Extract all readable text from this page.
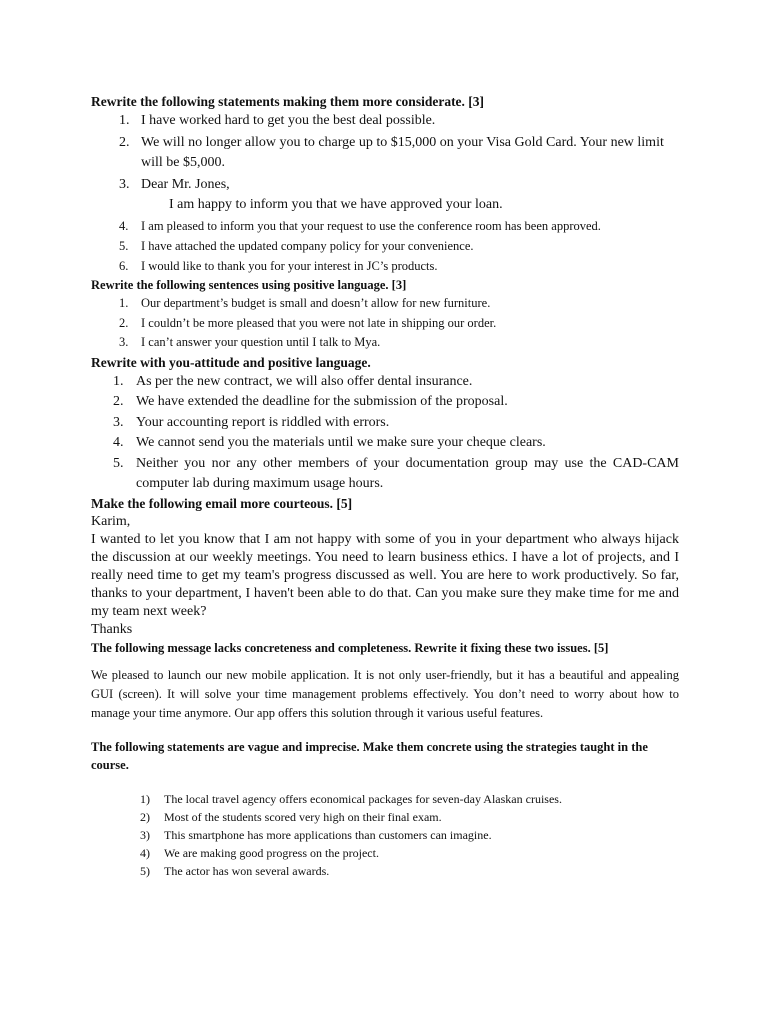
Rewrite the following statements making them more considerate. [3]
1. I have worked hard to get you the best deal possible.
2. We will no longer allow you to charge up to $15,000 on your Visa Gold Card. Your new limit will be $5,000.
3. Dear Mr. Jones,
I am happy to inform you that we have approved your loan.
4. I am pleased to inform you that your request to use the conference room has been approved.
5. I have attached the updated company policy for your convenience.
6. I would like to thank you for your interest in JC’s products.
Rewrite the following sentences using positive language. [3]
1. Our department’s budget is small and doesn’t allow for new furniture.
2. I couldn’t be more pleased that you were not late in shipping our order.
3. I can’t answer your question until I talk to Mya.
Rewrite with you-attitude and positive language.
1. As per the new contract, we will also offer dental insurance.
2. We have extended the deadline for the submission of the proposal.
3. Your accounting report is riddled with errors.
4. We cannot send you the materials until we make sure your cheque clears.
5. Neither you nor any other members of your documentation group may use the CAD-CAM computer lab during maximum usage hours.
Make the following email more courteous. [5]

Karim,

I wanted to let you know that I am not happy with some of you in your department who always hijack the discussion at our weekly meetings. You need to learn business ethics. I have a lot of projects, and I really need time to get my team's progress discussed as well. You are here to work productively. So far, thanks to your department, I haven't been able to do that. Can you make sure they make time for me and my team next week?

Thanks

The following message lacks concreteness and completeness. Rewrite it fixing these two issues. [5]

We pleased to launch our new mobile application. It is not only user-friendly, but it has a beautiful and appealing GUI (screen). It will solve your time management problems effectively. You don’t need to worry about how to manage your time anymore. Our app offers this solution through it various useful features.

The following statements are vague and imprecise. Make them concrete using the strategies taught in the course.
1) The local travel agency offers economical packages for seven-day Alaskan cruises.
2) Most of the students scored very high on their final exam.
3) This smartphone has more applications than customers can imagine.
4) We are making good progress on the project.
5) The actor has won several awards.
